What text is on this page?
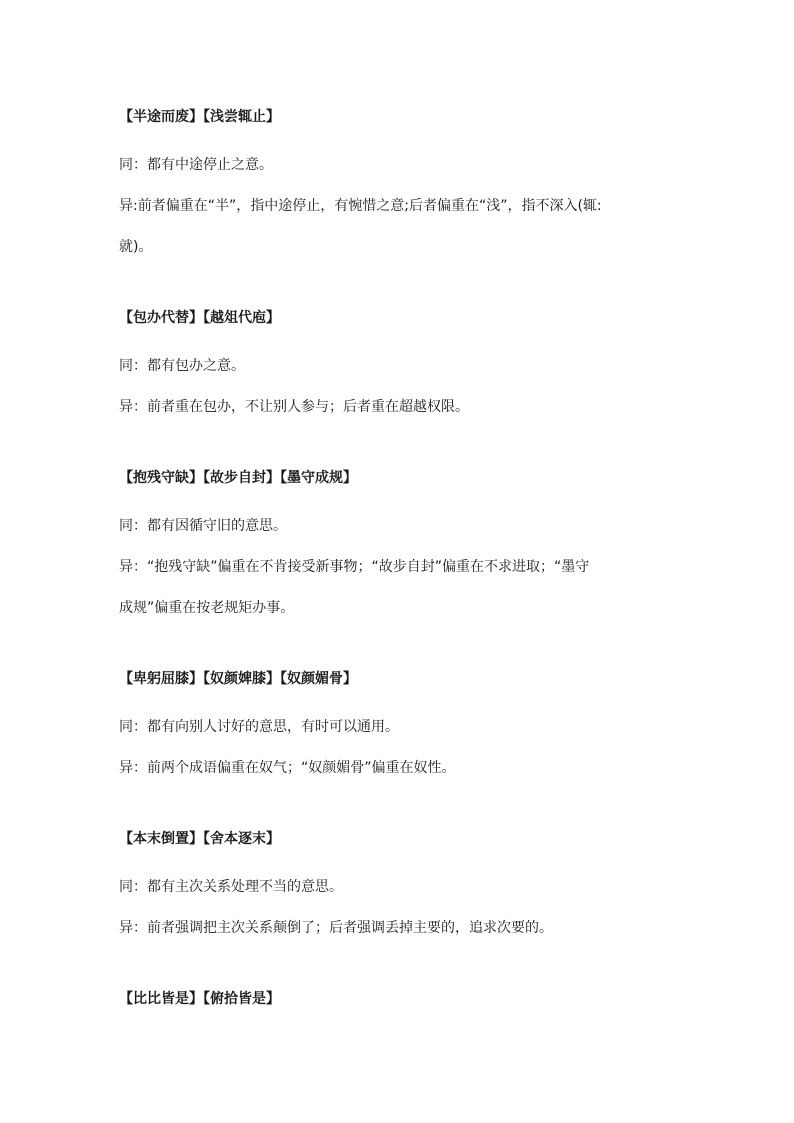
【半途而废】【浅尝辄止】

同：都有中途停止之意。

异:前者偏重在“半”，指中途停止，有惋惜之意;后者偏重在“浅”，指不深入(辄:

就)。

【包办代替】【越俎代庖】

同：都有包办之意。

异：前者重在包办，不让别人参与；后者重在超越权限。

【抱残守缺】【故步自封】【墨守成规】

同：都有因循守旧的意思。

异：“抱残守缺”偏重在不肯接受新事物；“故步自封”偏重在不求进取；“墨守

成规”偏重在按老规矩办事。

【卑躬屈膝】【奴颜婢膝】【奴颜媚骨】

同：都有向别人讨好的意思，有时可以通用。

异：前两个成语偏重在奴气；“奴颜媚骨”偏重在奴性。

【本末倒置】【舍本逐末】

同：都有主次关系处理不当的意思。

异：前者强调把主次关系颠倒了；后者强调丢掉主要的，追求次要的。

【比比皆是】【俯拾皆是】
